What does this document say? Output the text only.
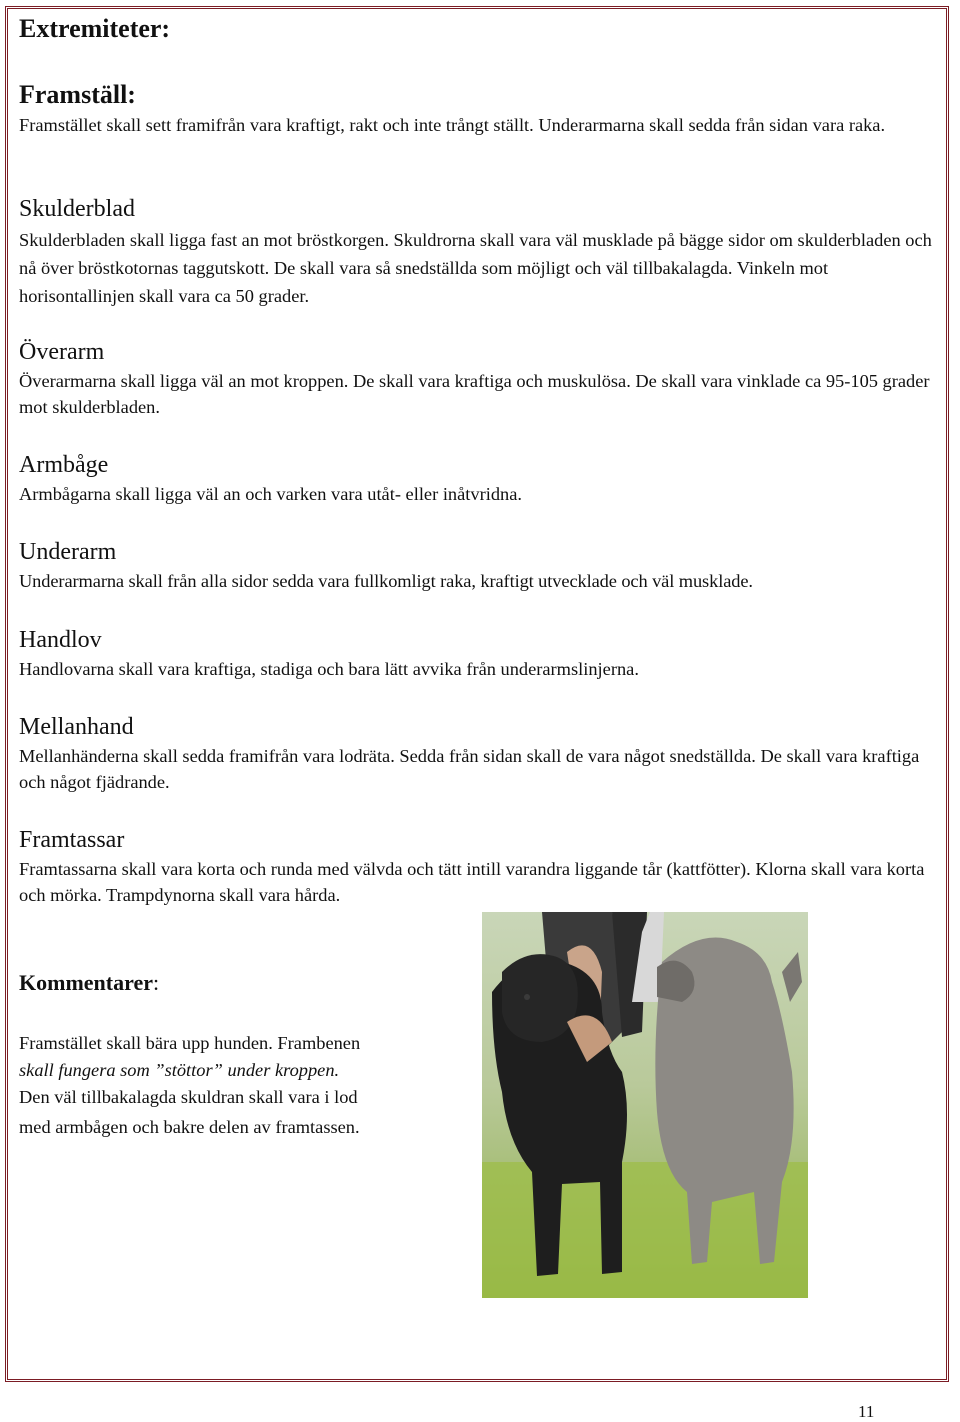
Extremiteter:
Framställ:
Framstället skall sett framifrån vara kraftigt, rakt och inte trångt ställt. Underarmarna skall sedda från sidan vara raka.
Skulderblad
Skulderbladen skall ligga fast an mot bröstkorgen. Skuldrorna skall vara väl musklade på bägge sidor om skulderbladen och nå över bröstkotornas taggutskott. De skall vara så snedställda som möjligt och väl tillbakalagda. Vinkeln mot horisontallinjen skall vara ca 50 grader.
Överarm
Överarmarna skall ligga väl an mot kroppen. De skall vara kraftiga och muskulösa. De skall vara vinklade ca 95-105 grader mot skulderbladen.
Armbåge
Armbågarna skall ligga väl an och varken vara utåt- eller inåtvridna.
Underarm
Underarmarna skall från alla sidor sedda vara fullkomligt raka, kraftigt utvecklade och väl musklade.
Handlov
Handlovarna skall vara kraftiga, stadiga och bara lätt avvika från underarmslinjerna.
Mellanhand
Mellanhänderna skall sedda framifrån vara lodräta. Sedda från sidan skall de vara något snedställda. De skall vara kraftiga och något fjädrande.
Framtassar
Framtassarna skall vara korta och runda med välvda och tätt intill varandra liggande tår (kattfötter). Klorna skall vara korta och mörka. Trampdynorna skall vara hårda.
Kommentarer:
Framstället skall bära upp hunden. Frambenen
skall fungera som ”stöttor” under kroppen.
Den väl tillbakalagda skuldran skall vara i lod
med armbågen och bakre delen av framtassen.
11
